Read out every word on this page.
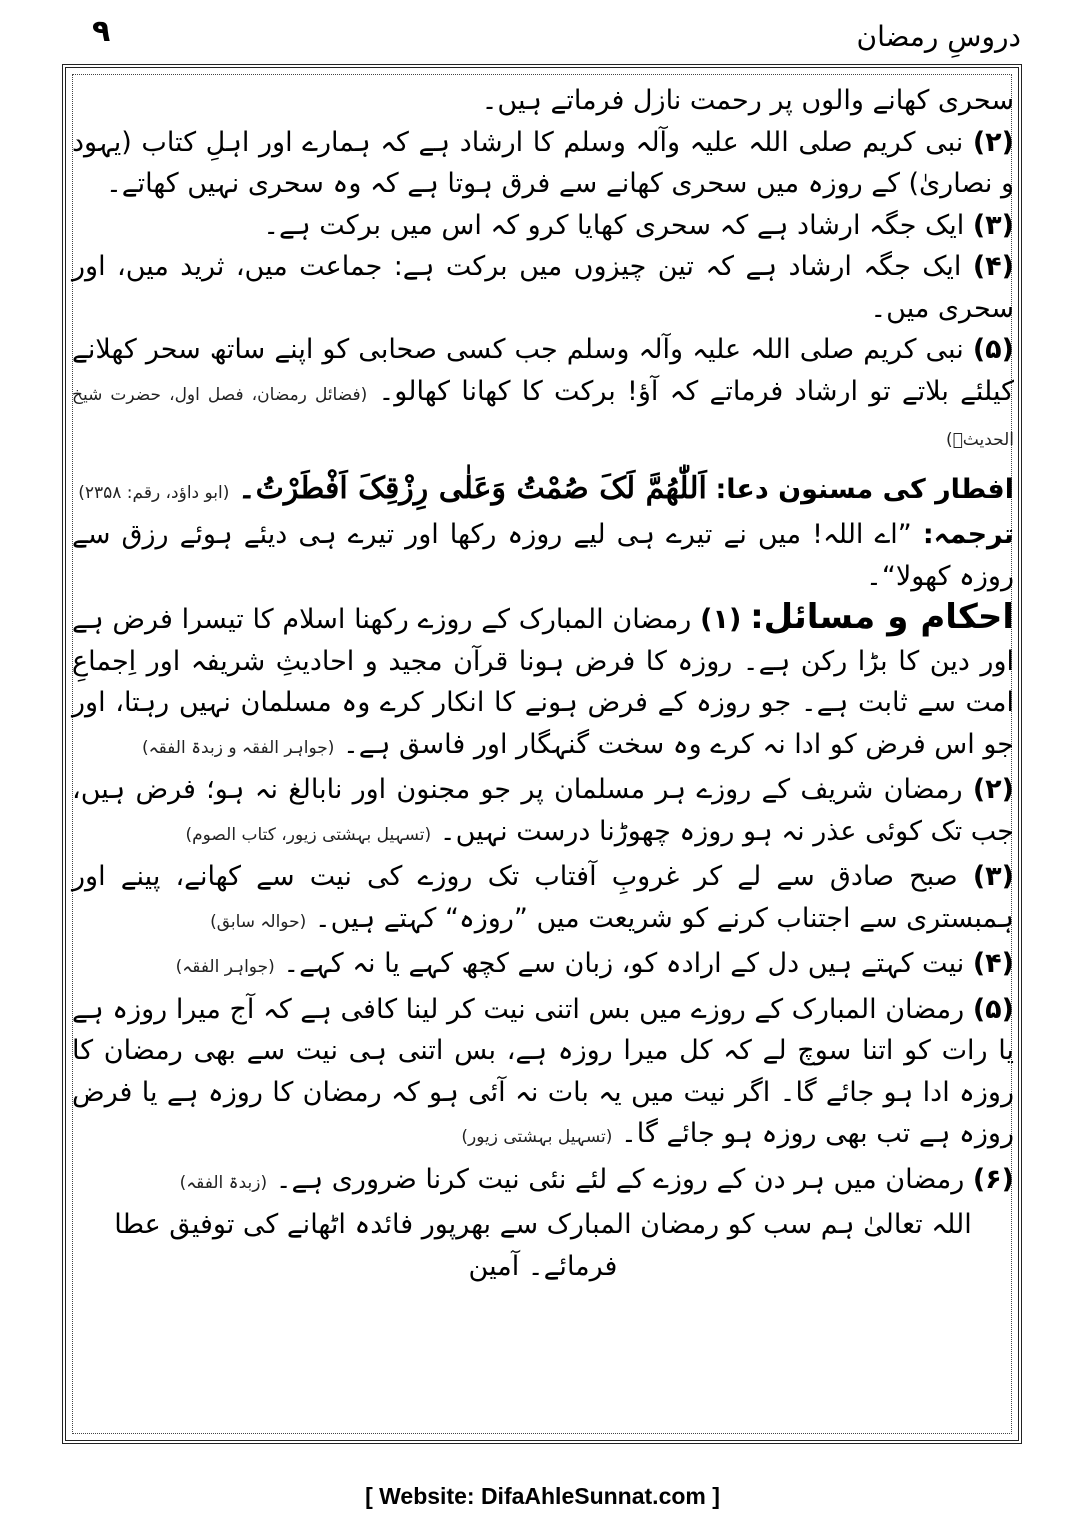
۹	دروسِ رمضان

سحری کھانے والوں پر رحمت نازل فرماتے ہیں۔

(۲) نبی کریم صلی اللہ علیہ وآلہ وسلم کا ارشاد ہے کہ ہمارے اور اہلِ کتاب (یہود و نصاریٰ) کے روزہ میں سحری کھانے سے فرق ہوتا ہے کہ وہ سحری نہیں کھاتے۔

(۳) ایک جگہ ارشاد ہے کہ سحری کھایا کرو کہ اس میں برکت ہے۔

(۴) ایک جگہ ارشاد ہے کہ تین چیزوں میں برکت ہے: جماعت میں، ثرید میں، اور سحری میں۔

(۵) نبی کریم صلی اللہ علیہ وآلہ وسلم جب کسی صحابی کو اپنے ساتھ سحر کھلانے کیلئے بلاتے تو ارشاد فرماتے کہ آؤ! برکت کا کھانا کھالو۔ (فضائل رمضان، فصل اول، حضرت شیخ الحدیثؒ)

افطار کی مسنون دعا: اَللّٰھُمَّ لَکَ صُمْتُ وَعَلٰی رِزْقِکَ اَفْطَرْتُ۔ (ابو داؤد، رقم: ۲۳۵۸)

ترجمہ: ”اے اللہ! میں نے تیرے ہی لیے روزہ رکھا اور تیرے ہی دیئے ہوئے رزق سے روزہ کھولا“۔

احکام و مسائل: (۱) رمضان المبارک کے روزے رکھنا اسلام کا تیسرا فرض ہے اور دین کا بڑا رکن ہے۔ روزہ کا فرض ہونا قرآن مجید و احادیثِ شریفہ اور اِجماعِ امت سے ثابت ہے۔ جو روزہ کے فرض ہونے کا انکار کرے وہ مسلمان نہیں رہتا، اور جو اس فرض کو ادا نہ کرے وہ سخت گنہگار اور فاسق ہے۔ (جواہر الفقہ و زبدۃ الفقہ)

(۲) رمضان شریف کے روزے ہر مسلمان پر جو مجنون اور نابالغ نہ ہو؛ فرض ہیں، جب تک کوئی عذر نہ ہو روزہ چھوڑنا درست نہیں۔ (تسہیل بہشتی زیور، کتاب الصوم)

(۳) صبح صادق سے لے کر غروبِ آفتاب تک روزے کی نیت سے کھانے، پینے اور ہمبستری سے اجتناب کرنے کو شریعت میں ”روزہ“ کہتے ہیں۔ (حوالہ سابق)

(۴) نیت کہتے ہیں دل کے ارادہ کو، زبان سے کچھ کہے یا نہ کہے۔ (جواہر الفقہ)

(۵) رمضان المبارک کے روزے میں بس اتنی نیت کر لینا کافی ہے کہ آج میرا روزہ ہے یا رات کو اتنا سوچ لے کہ کل میرا روزہ ہے، بس اتنی ہی نیت سے بھی رمضان کا روزہ ادا ہو جائے گا۔ اگر نیت میں یہ بات نہ آئی ہو کہ رمضان کا روزہ ہے یا فرض روزہ ہے تب بھی روزہ ہو جائے گا۔ (تسہیل بہشتی زیور)

(۶) رمضان میں ہر دن کے روزے کے لئے نئی نیت کرنا ضروری ہے۔ (زبدۃ الفقہ)

اللہ تعالیٰ ہم سب کو رمضان المبارک سے بھرپور فائدہ اٹھانے کی توفیق عطا فرمائے۔ آمین

[ Website: DifaAhleSunnat.com ]
